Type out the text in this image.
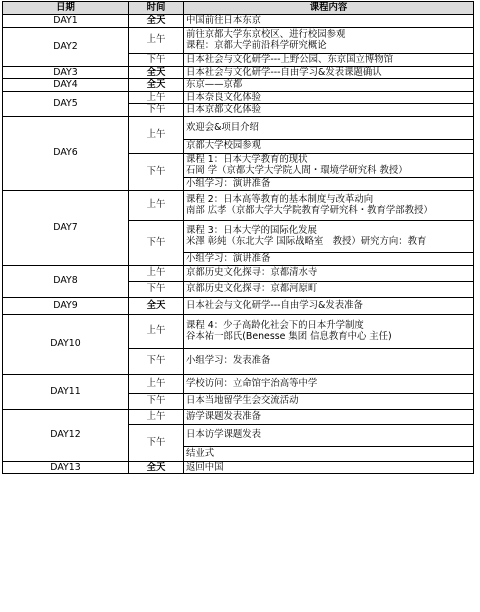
日期	时间	课程内容
DAY1	全天	中国前往日本东京

DAY2	上午	前往京都大学东京校区、进行校园参观
课程：京都大学前沿科学研究概论

	下午	日本社会与文化研学---上野公园、东京国立博物馆

DAY3	全天	日本社会与文化研学---自由学习&发表课题确认

DAY4	全天	东京——京都

DAY5	上午	日本奈良文化体验

	下午	日本京都文化体验

DAY6	上午	欢迎会&项目介绍

		京都大学校园参观

	下午	课程 1：日本大学教育的现状
石岡 学（京都大学大学院人間・環境学研究科 教授）

		小组学习：演讲准备

DAY7	上午	课程 2：日本高等教育的基本制度与改革动向
南部 広孝（京都大学大学院教育学研究科・教育学部教授）

	下午	课程 3：日本大学的国际化发展
米澤 彰純（东北大学 国际战略室　教授）研究方向：教育

		小组学习：演讲准备

DAY8	上午	京都历史文化探寻：京都清水寺

	下午	京都历史文化探寻：京都河原町

DAY9	全天	日本社会与文化研学---自由学习&发表准备

DAY10	上午	课程 4：少子高龄化社会下的日本升学制度
谷本祐一郎氏(Benesse 集团 信息教育中心 主任)

	下午	小组学习：发表准备

DAY11	上午	学校访问：立命馆宇治高等中学

	下午	日本当地留学生会交流活动

DAY12	上午	游学课题发表准备

	下午	日本访学课题发表

		结业式

DAY13	全天	返回中国
